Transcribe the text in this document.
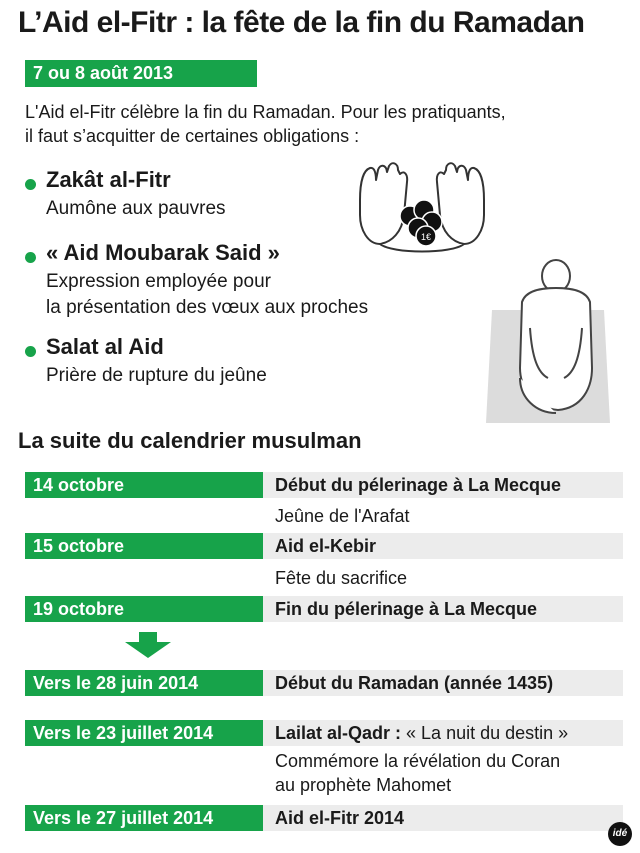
L’Aid el-Fitr : la fête de la fin du Ramadan
7 ou 8 août 2013
L'Aid el-Fitr célèbre la fin du Ramadan. Pour les pratiquants,
il faut s’acquitter de certaines obligations :
Zakât al-Fitr
Aumône aux pauvres
« Aid Moubarak Said »
Expression employée pour
la présentation des vœux aux proches
Salat al Aid
Prière de rupture du jeûne
1€
La suite du calendrier musulman
14 octobre	Début du pélerinage à La Mecque
Jeûne de l'Arafat
15 octobre	Aid el-Kebir
Fête du sacrifice
19 octobre	Fin du pélerinage à La Mecque
Vers le 28 juin 2014	Début du Ramadan (année 1435)
Vers le 23 juillet 2014	Lailat al-Qadr : « La nuit du destin »
Commémore la révélation du Coran
au prophète Mahomet
Vers le 27 juillet 2014	Aid el-Fitr 2014
idé
